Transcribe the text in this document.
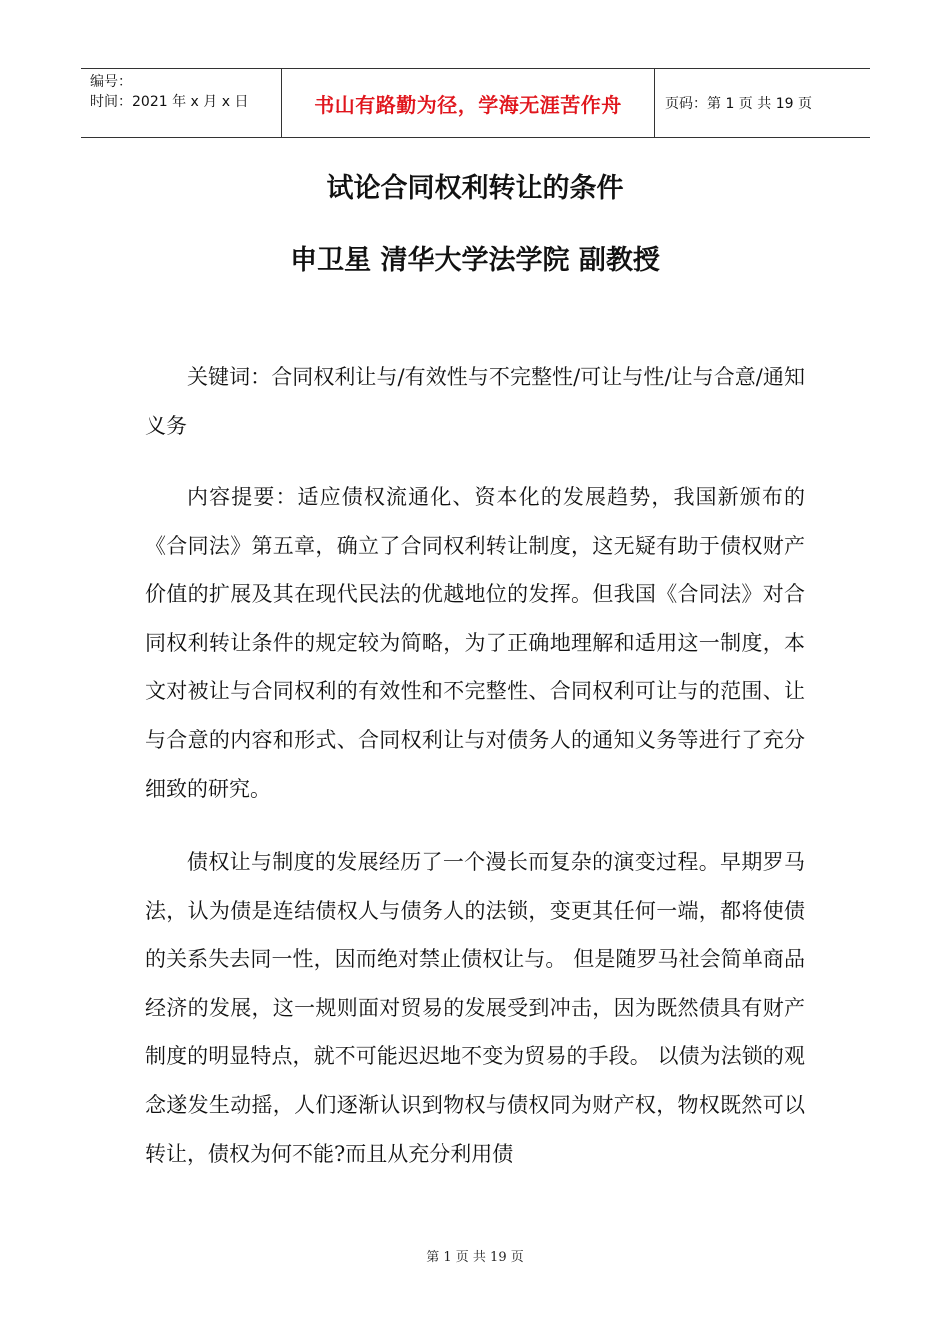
编号：
时间：2021 年 x 月 x 日	书山有路勤为径，学海无涯苦作舟	页码：第 1 页 共 19 页
试论合同权利转让的条件
申卫星 清华大学法学院 副教授

关键词：合同权利让与/有效性与不完整性/可让与性/让与合意/通知义务

内容提要：适应债权流通化、资本化的发展趋势，我国新颁布的《合同法》第五章，确立了合同权利转让制度，这无疑有助于债权财产价值的扩展及其在现代民法的优越地位的发挥。但我国《合同法》对合同权利转让条件的规定较为简略，为了正确地理解和适用这一制度，本文对被让与合同权利的有效性和不完整性、合同权利可让与的范围、让与合意的内容和形式、合同权利让与对债务人的通知义务等进行了充分细致的研究。

债权让与制度的发展经历了一个漫长而复杂的演变过程。早期罗马法，认为债是连结债权人与债务人的法锁，变更其任何一端，都将使债的关系失去同一性，因而绝对禁止债权让与。 但是随罗马社会简单商品经济的发展，这一规则面对贸易的发展受到冲击，因为既然债具有财产制度的明显特点，就不可能迟迟地不变为贸易的手段。 以债为法锁的观念遂发生动摇，人们逐渐认识到物权与债权同为财产权，物权既然可以转让，债权为何不能?而且从充分利用债

第 1 页 共 19 页
